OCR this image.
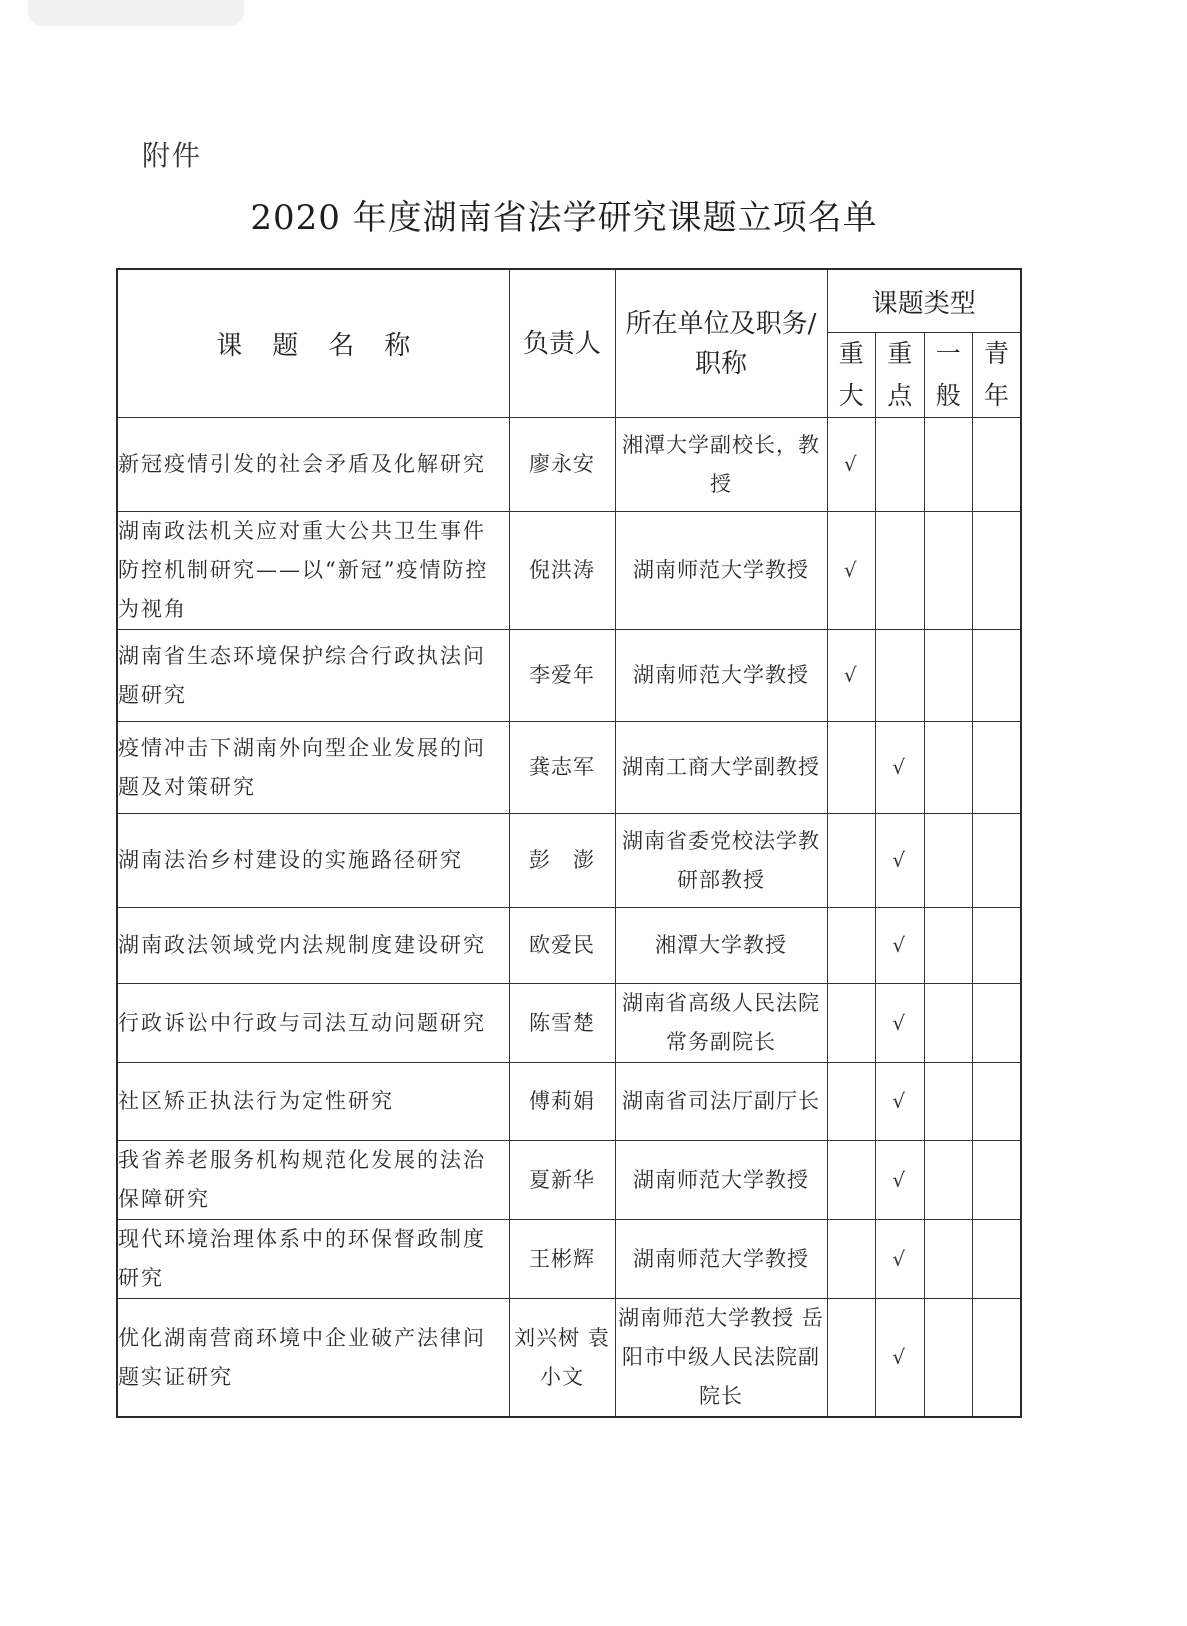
附件
2020 年度湖南省法学研究课题立项名单
课题名称	负责人	所在单位及职务/职称	课题类型			
			重大	重点	一般	青年
新冠疫情引发的社会矛盾及化解研究	廖永安	湘潭大学副校长，教授	√			
湖南政法机关应对重大公共卫生事件防控机制研究——以“新冠”疫情防控为视角	倪洪涛	湖南师范大学教授	√			
湖南省生态环境保护综合行政执法问题研究	李爱年	湖南师范大学教授	√			
疫情冲击下湖南外向型企业发展的问题及对策研究	龚志军	湖南工商大学副教授		√		
湖南法治乡村建设的实施路径研究	彭　澎	湖南省委党校法学教研部教授		√		
湖南政法领域党内法规制度建设研究	欧爱民	湘潭大学教授		√		
行政诉讼中行政与司法互动问题研究	陈雪楚	湖南省高级人民法院常务副院长		√		
社区矫正执法行为定性研究	傅莉娟	湖南省司法厅副厅长		√		
我省养老服务机构规范化发展的法治保障研究	夏新华	湖南师范大学教授		√		
现代环境治理体系中的环保督政制度研究	王彬辉	湖南师范大学教授		√		
优化湖南营商环境中企业破产法律问题实证研究	刘兴树 袁小文	湖南师范大学教授 岳阳市中级人民法院副院长		√		
